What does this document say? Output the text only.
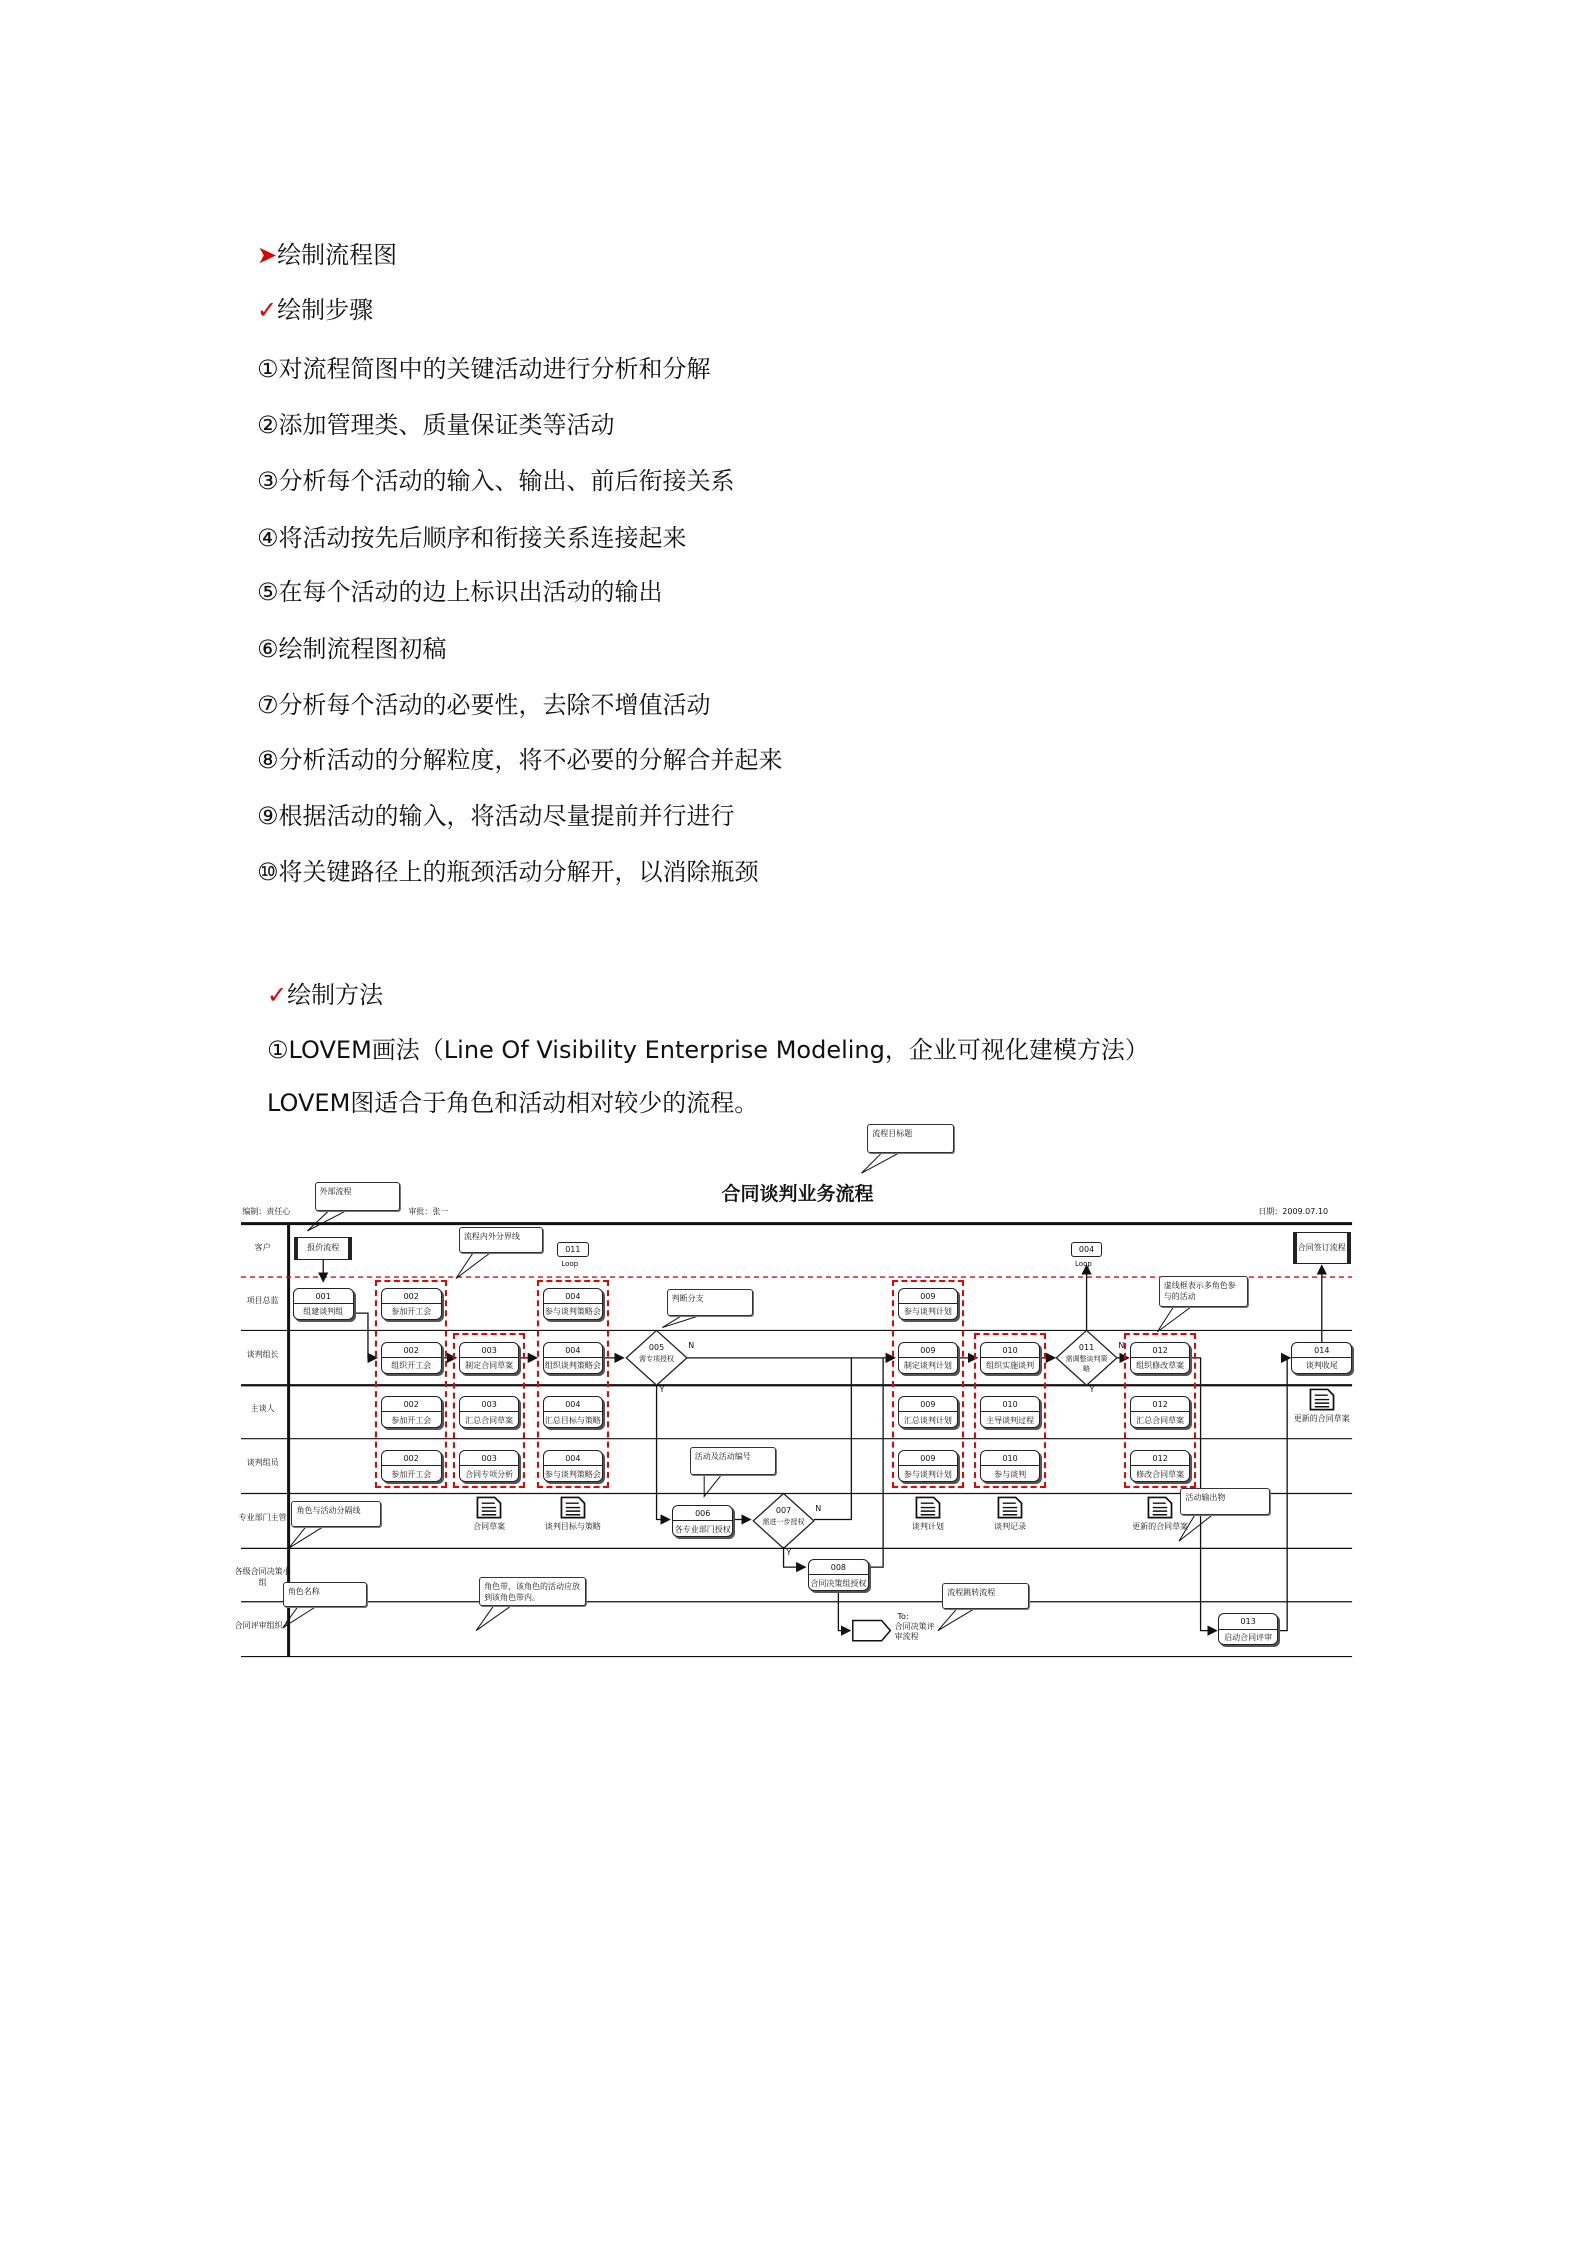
➤绘制流程图
✓绘制步骤
①对流程简图中的关键活动进行分析和分解
②添加管理类、质量保证类等活动
③分析每个活动的输入、输出、前后衔接关系
④将活动按先后顺序和衔接关系连接起来
⑤在每个活动的边上标识出活动的输出
⑥绘制流程图初稿
⑦分析每个活动的必要性，去除不增值活动
⑧分析活动的分解粒度，将不必要的分解合并起来
⑨根据活动的输入，将活动尽量提前并行进行
⑩将关键路径上的瓶颈活动分解开，以消除瓶颈
✓绘制方法
①LOVEM画法（Line Of Visibility Enterprise Modeling，企业可视化建模方法）
LOVEM图适合于角色和活动相对较少的流程。
合同谈判业务流程
编制：责任心	审批：张一	日期：2009.07.10
客户
项目总监
谈判组长
主谈人
谈判组员
专业部门主管
各级合同决策小组
合同评审组织人
001
组建谈判组
002
参加开工会
002
组织开工会
002
参加开工会
002
参加开工会
003
制定合同草案
003
汇总合同草案
003
合同专项分析
004
参与谈判策略会
004
组织谈判策略会
004
汇总目标与策略
004
参与谈判策略会
006
各专业部门授权
008
合同决策组授权
009
参与谈判计划
009
制定谈判计划
009
汇总谈判计划
009
参与谈判计划
010
组织实施谈判
010
主导谈判过程
010
参与谈判
012
组织修改草案
012
汇总合同草案
012
修改合同草案
013
启动合同评审
014
谈判收尾
005
需专项授权
Y
N
007
需进一步授权
Y
N
011
需调整谈判策略
Y
N
011
Loop
004
Loop
报价流程	合同签订流程
合同草案	谈判目标与策略	谈判计划	谈判记录	更新的合同草案
更新的合同草案
To:
合同决策评审流程
外部流程
流程内外分界线
流程目标题
判断分支
虚线框表示多角色参与的活动
活动及活动编号
角色与活动分隔线
活动输出物
角色名称	角色带，该角色的活动应放到该角色带内。
流程跳转流程
